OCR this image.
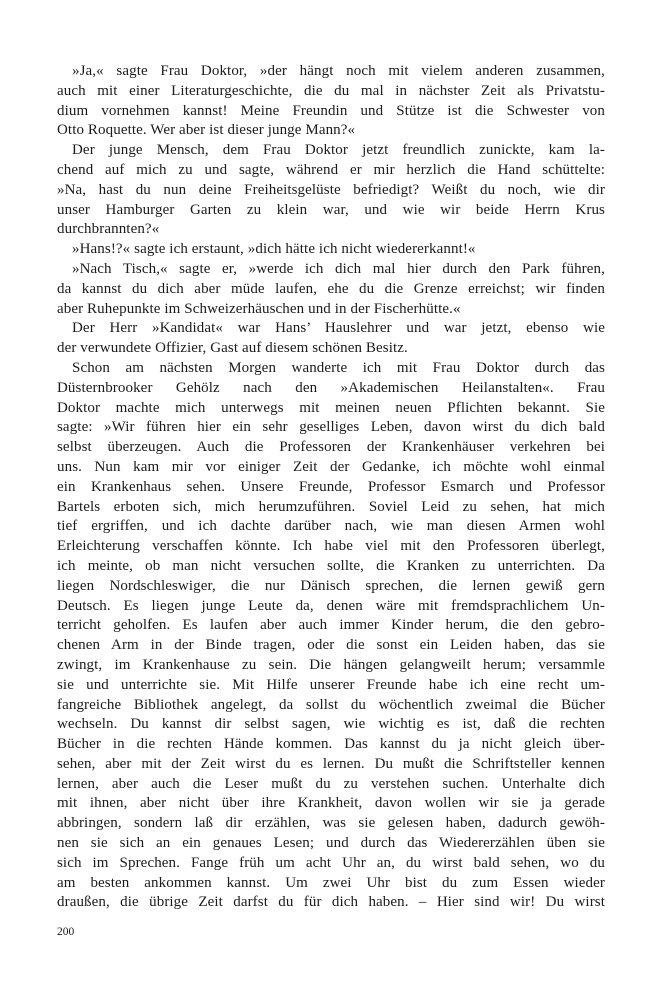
»Ja,« sagte Frau Doktor, »der hängt noch mit vielem anderen zusammen,
auch mit einer Literaturgeschichte, die du mal in nächster Zeit als Privatstu-
dium vornehmen kannst! Meine Freundin und Stütze ist die Schwester von
Otto Roquette. Wer aber ist dieser junge Mann?«
Der junge Mensch, dem Frau Doktor jetzt freundlich zunickte, kam la-
chend auf mich zu und sagte, während er mir herzlich die Hand schüttelte:
»Na, hast du nun deine Freiheitsgelüste befriedigt? Weißt du noch, wie dir
unser Hamburger Garten zu klein war, und wie wir beide Herrn Krus
durchbrannten?«
»Hans!?« sagte ich erstaunt, »dich hätte ich nicht wiedererkannt!«
»Nach Tisch,« sagte er, »werde ich dich mal hier durch den Park führen,
da kannst du dich aber müde laufen, ehe du die Grenze erreichst; wir finden
aber Ruhepunkte im Schweizerhäuschen und in der Fischerhütte.«
Der Herr »Kandidat« war Hans’ Hauslehrer und war jetzt, ebenso wie
der verwundete Offizier, Gast auf diesem schönen Besitz.
Schon am nächsten Morgen wanderte ich mit Frau Doktor durch das
Düsternbrooker Gehölz nach den »Akademischen Heilanstalten«. Frau
Doktor machte mich unterwegs mit meinen neuen Pflichten bekannt. Sie
sagte: »Wir führen hier ein sehr geselliges Leben, davon wirst du dich bald
selbst überzeugen. Auch die Professoren der Krankenhäuser verkehren bei
uns. Nun kam mir vor einiger Zeit der Gedanke, ich möchte wohl einmal
ein Krankenhaus sehen. Unsere Freunde, Professor Esmarch und Professor
Bartels erboten sich, mich herumzuführen. Soviel Leid zu sehen, hat mich
tief ergriffen, und ich dachte darüber nach, wie man diesen Armen wohl
Erleichterung verschaffen könnte. Ich habe viel mit den Professoren überlegt,
ich meinte, ob man nicht versuchen sollte, die Kranken zu unterrichten. Da
liegen Nordschleswiger, die nur Dänisch sprechen, die lernen gewiß gern
Deutsch. Es liegen junge Leute da, denen wäre mit fremdsprachlichem Un-
terricht geholfen. Es laufen aber auch immer Kinder herum, die den gebro-
chenen Arm in der Binde tragen, oder die sonst ein Leiden haben, das sie
zwingt, im Krankenhause zu sein. Die hängen gelangweilt herum; versammle
sie und unterrichte sie. Mit Hilfe unserer Freunde habe ich eine recht um-
fangreiche Bibliothek angelegt, da sollst du wöchentlich zweimal die Bücher
wechseln. Du kannst dir selbst sagen, wie wichtig es ist, daß die rechten
Bücher in die rechten Hände kommen. Das kannst du ja nicht gleich über-
sehen, aber mit der Zeit wirst du es lernen. Du mußt die Schriftsteller kennen
lernen, aber auch die Leser mußt du zu verstehen suchen. Unterhalte dich
mit ihnen, aber nicht über ihre Krankheit, davon wollen wir sie ja gerade
abbringen, sondern laß dir erzählen, was sie gelesen haben, dadurch gewöh-
nen sie sich an ein genaues Lesen; und durch das Wiedererzählen üben sie
sich im Sprechen. Fange früh um acht Uhr an, du wirst bald sehen, wo du
am besten ankommen kannst. Um zwei Uhr bist du zum Essen wieder
draußen, die übrige Zeit darfst du für dich haben. – Hier sind wir! Du wirst
200
